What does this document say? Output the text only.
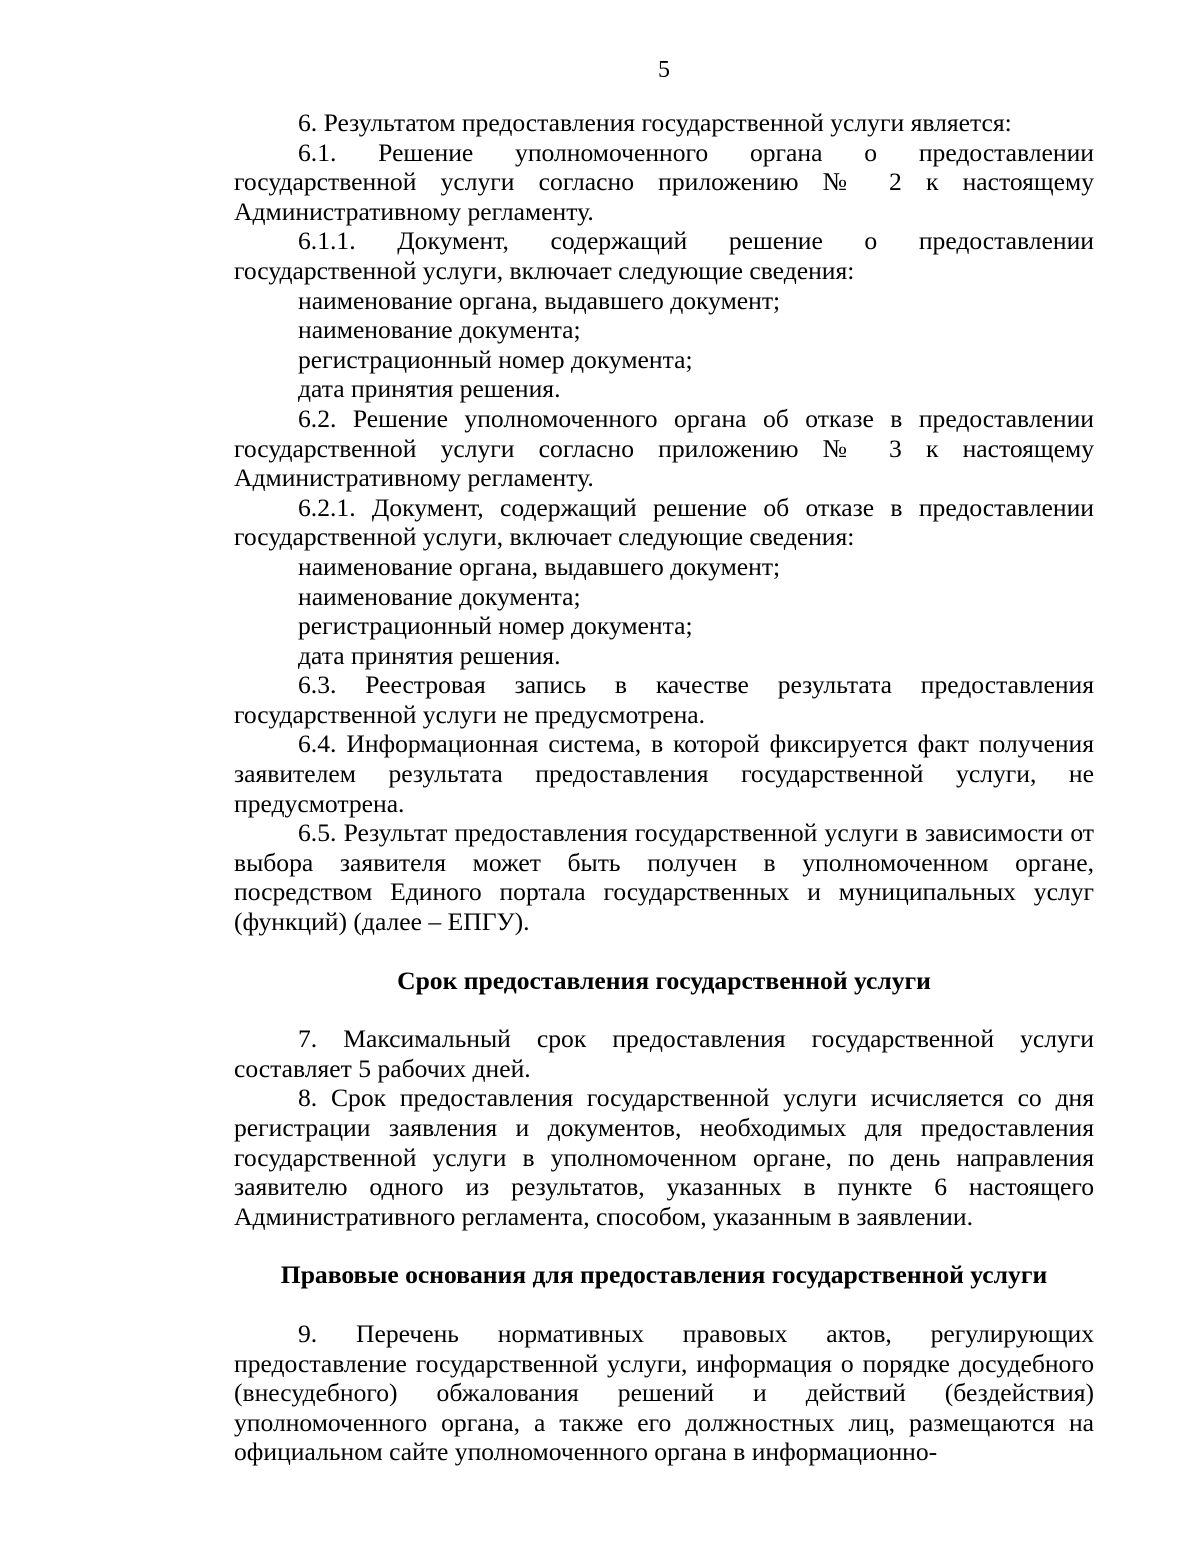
5

6. Результатом предоставления государственной услуги является:

6.1. Решение уполномоченного органа о предоставлении государственной услуги согласно приложению № 2 к настоящему Административному регламенту.

6.1.1. Документ, содержащий решение о предоставлении государственной услуги, включает следующие сведения:

наименование органа, выдавшего документ;

наименование документа;

регистрационный номер документа;

дата принятия решения.

6.2. Решение уполномоченного органа об отказе в предоставлении государственной услуги согласно приложению № 3 к настоящему Административному регламенту.

6.2.1. Документ, содержащий решение об отказе в предоставлении государственной услуги, включает следующие сведения:

наименование органа, выдавшего документ;

наименование документа;

регистрационный номер документа;

дата принятия решения.

6.3. Реестровая запись в качестве результата предоставления государственной услуги не предусмотрена.

6.4. Информационная система, в которой фиксируется факт получения заявителем результата предоставления государственной услуги, не предусмотрена.

6.5. Результат предоставления государственной услуги в зависимости от выбора заявителя может быть получен в уполномоченном органе, посредством Единого портала государственных и муниципальных услуг (функций) (далее – ЕПГУ).

Срок предоставления государственной услуги

7. Максимальный срок предоставления государственной услуги составляет 5 рабочих дней.

8. Срок предоставления государственной услуги исчисляется со дня регистрации заявления и документов, необходимых для предоставления государственной услуги в уполномоченном органе, по день направления заявителю одного из результатов, указанных в пункте 6 настоящего Административного регламента, способом, указанным в заявлении.

Правовые основания для предоставления государственной услуги

9. Перечень нормативных правовых актов, регулирующих предоставление государственной услуги, информация о порядке досудебного (внесудебного) обжалования решений и действий (бездействия) уполномоченного органа, а также его должностных лиц, размещаются на официальном сайте уполномоченного органа в информационно-
